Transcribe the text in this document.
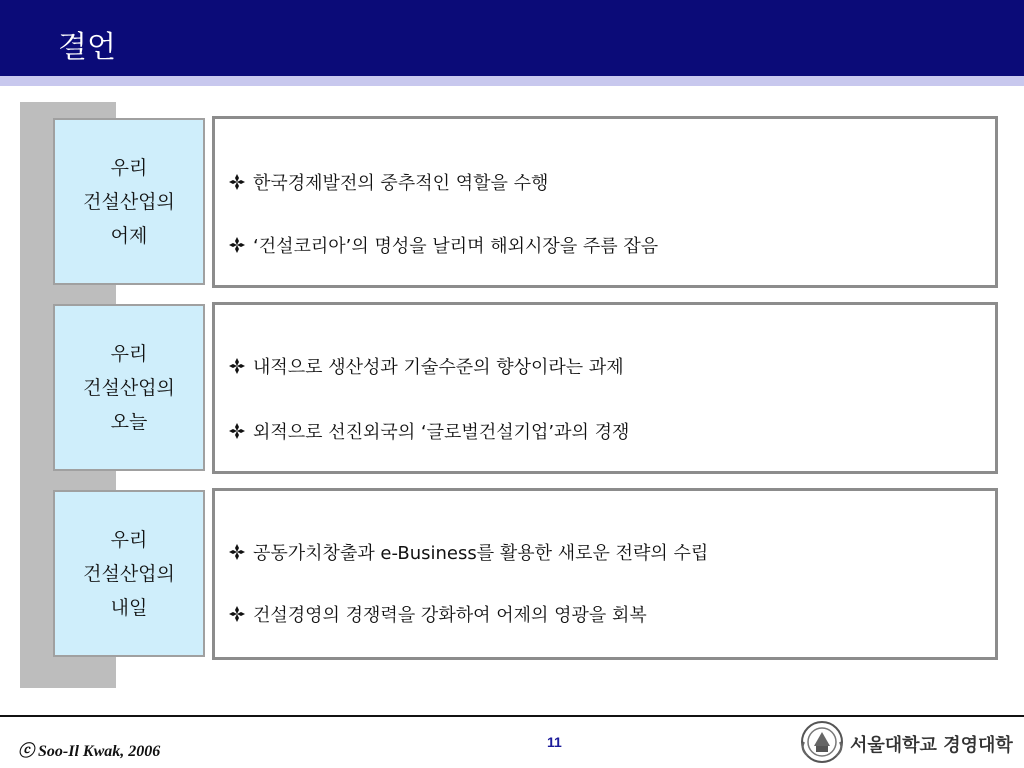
결언
우리
건설산업의
어제
한국경제발전의 중추적인 역할을 수행
‘건설코리아’의 명성을 날리며 해외시장을 주름 잡음
우리
건설산업의
오늘
내적으로 생산성과 기술수준의 향상이라는 과제
외적으로 선진외국의 ‘글로벌건설기업’과의 경쟁
우리
건설산업의
내일
공동가치창출과 e-Business를 활용한 새로운 전략의 수립
건설경영의 경쟁력을 강화하여 어제의 영광을 회복
ⓒ Soo-Il Kwak, 2006
11	서울대학교 경영대학
